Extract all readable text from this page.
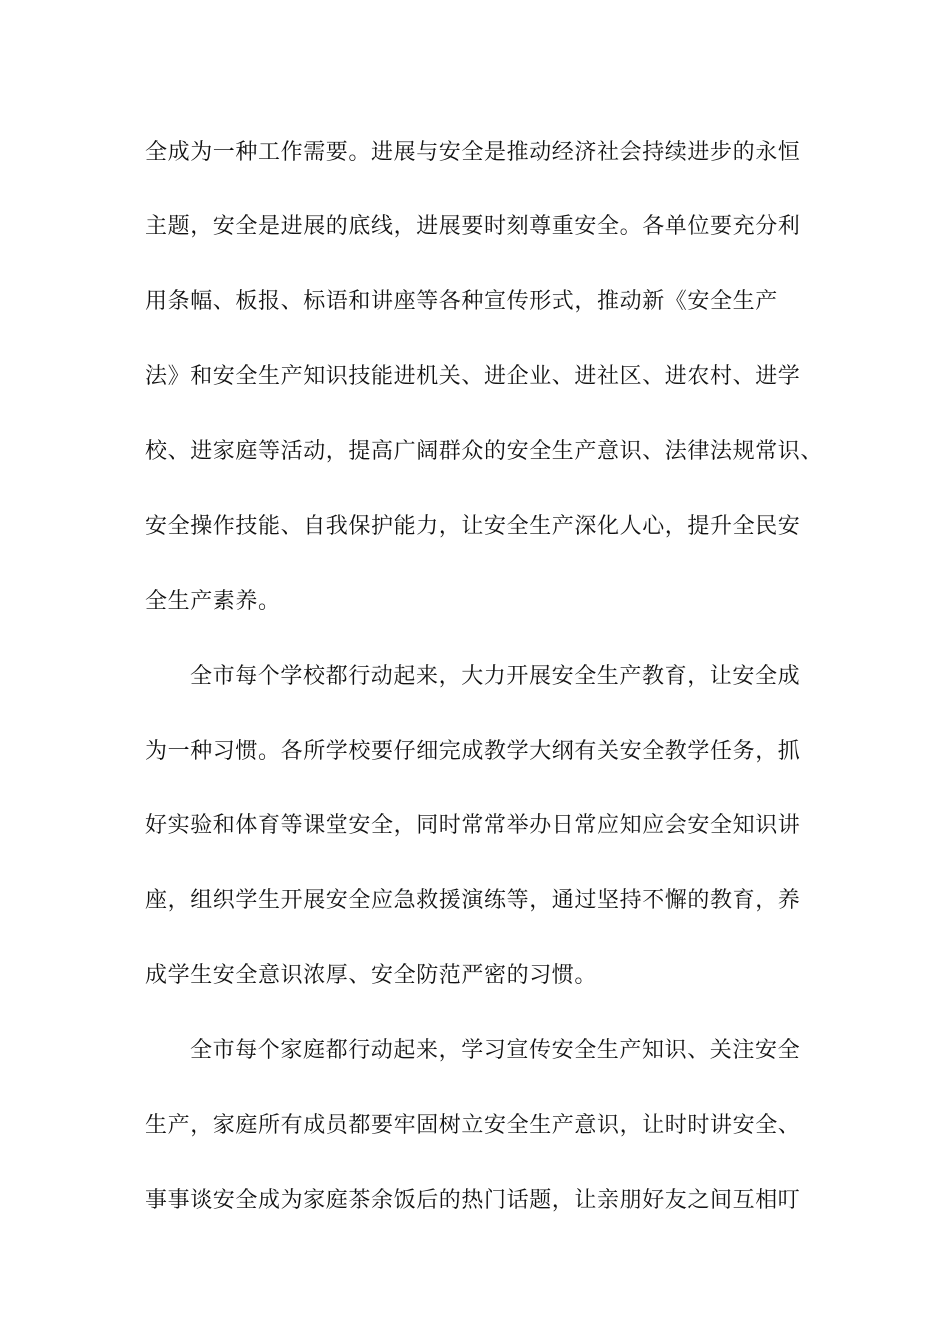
全成为一种工作需要。进展与安全是推动经济社会持续进步的永恒
主题，安全是进展的底线，进展要时刻尊重安全。各单位要充分利
用条幅、板报、标语和讲座等各种宣传形式，推动新《安全生产
法》和安全生产知识技能进机关、进企业、进社区、进农村、进学
校、进家庭等活动，提高广阔群众的安全生产意识、法律法规常识、
安全操作技能、自我保护能力，让安全生产深化人心，提升全民安
全生产素养。
全市每个学校都行动起来，大力开展安全生产教育，让安全成
为一种习惯。各所学校要仔细完成教学大纲有关安全教学任务，抓
好实验和体育等课堂安全，同时常常举办日常应知应会安全知识讲
座，组织学生开展安全应急救援演练等，通过坚持不懈的教育，养
成学生安全意识浓厚、安全防范严密的习惯。
全市每个家庭都行动起来，学习宣传安全生产知识、关注安全
生产，家庭所有成员都要牢固树立安全生产意识，让时时讲安全、
事事谈安全成为家庭茶余饭后的热门话题，让亲朋好友之间互相叮
